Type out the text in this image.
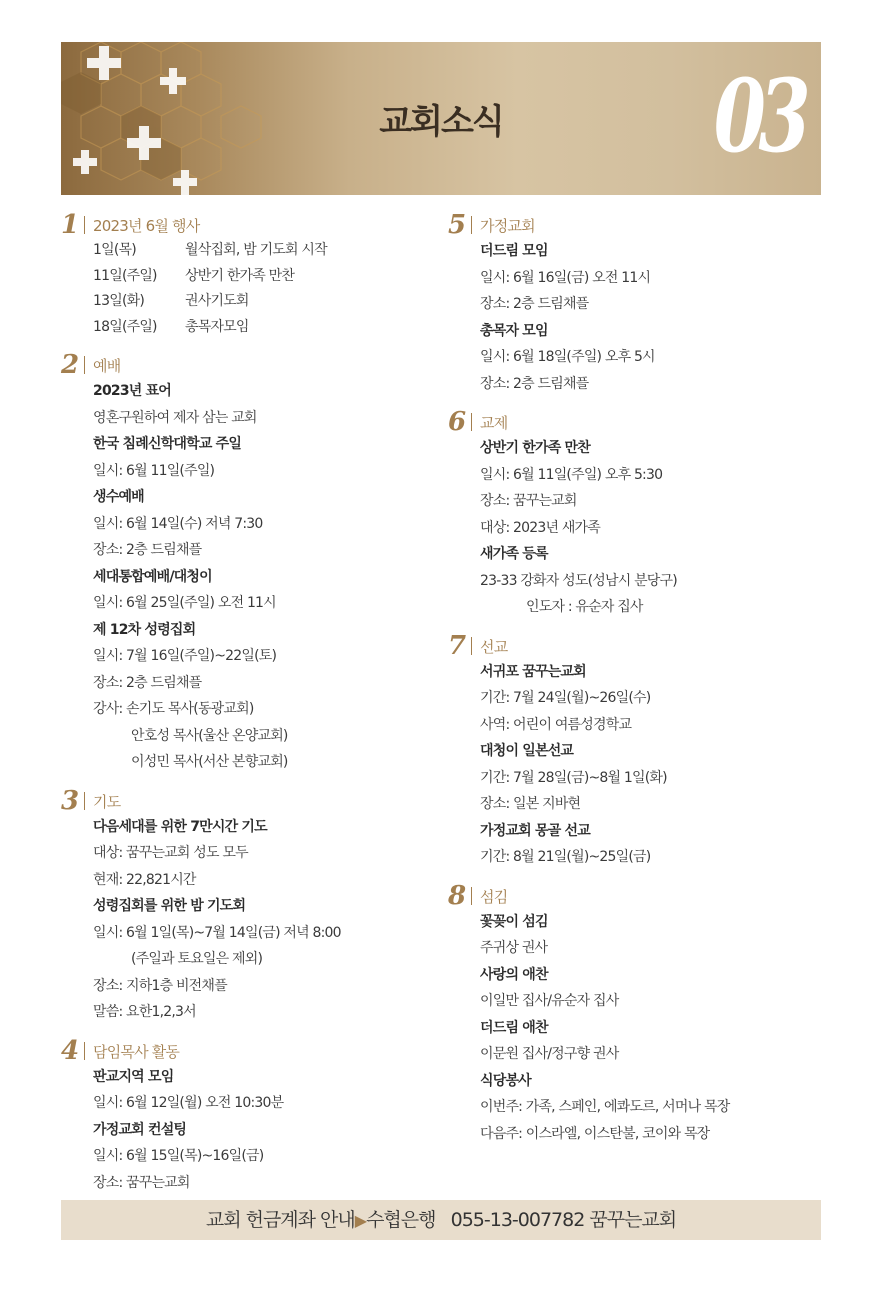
교회소식	03
1 2023년 6월 행사
1일(목)	월삭집회, 밤 기도회 시작
11일(주일)	상반기 한가족 만찬
13일(화)	권사기도회
18일(주일)	총목자모임
2 예배
2023년 표어
영혼구원하여 제자 삼는 교회
한국 침례신학대학교 주일
일시: 6월 11일(주일)
생수예배
일시: 6월 14일(수) 저녁 7:30
장소: 2층 드림채플
세대통합예배/대청이
일시: 6월 25일(주일) 오전 11시
제 12차 성령집회
일시: 7월 16일(주일)~22일(토)
장소: 2층 드림채플
강사: 손기도 목사(동광교회)
안호성 목사(울산 온양교회)
이성민 목사(서산 본향교회)
3 기도
다음세대를 위한 7만시간 기도
대상: 꿈꾸는교회 성도 모두
현재: 22,821시간
성령집회를 위한 밤 기도회
일시: 6월 1일(목)~7월 14일(금) 저녁 8:00
(주일과 토요일은 제외)
장소: 지하1층 비전채플
말씀: 요한1,2,3서
4 담임목사 활동
판교지역 모임
일시: 6월 12일(월) 오전 10:30분
가정교회 컨설팅
일시: 6월 15일(목)~16일(금)
장소: 꿈꾸는교회
5 가정교회
더드림 모임
일시: 6월 16일(금) 오전 11시
장소: 2층 드림채플
총목자 모임
일시: 6월 18일(주일) 오후 5시
장소: 2층 드림채플
6 교제
상반기 한가족 만찬
일시: 6월 11일(주일) 오후 5:30
장소: 꿈꾸는교회
대상: 2023년 새가족
새가족 등록
23-33 강화자 성도(성남시 분당구)
인도자 : 유순자 집사
7 선교
서귀포 꿈꾸는교회
기간: 7월 24일(월)~26일(수)
사역: 어린이 여름성경학교
대청이 일본선교
기간: 7월 28일(금)~8월 1일(화)
장소: 일본 지바현
가정교회 몽골 선교
기간: 8월 21일(월)~25일(금)
8 섬김
꽃꽂이 섬김
주귀상 권사
사랑의 애찬
이일만 집사/유순자 집사
더드림 애찬
이문원 집사/정구향 권사
식당봉사
이번주: 가족, 스페인, 에콰도르, 서머나 목장
다음주: 이스라엘, 이스탄불, 코이와 목장
교회 헌금계좌 안내▶수협은행 055-13-007782 꿈꾸는교회
